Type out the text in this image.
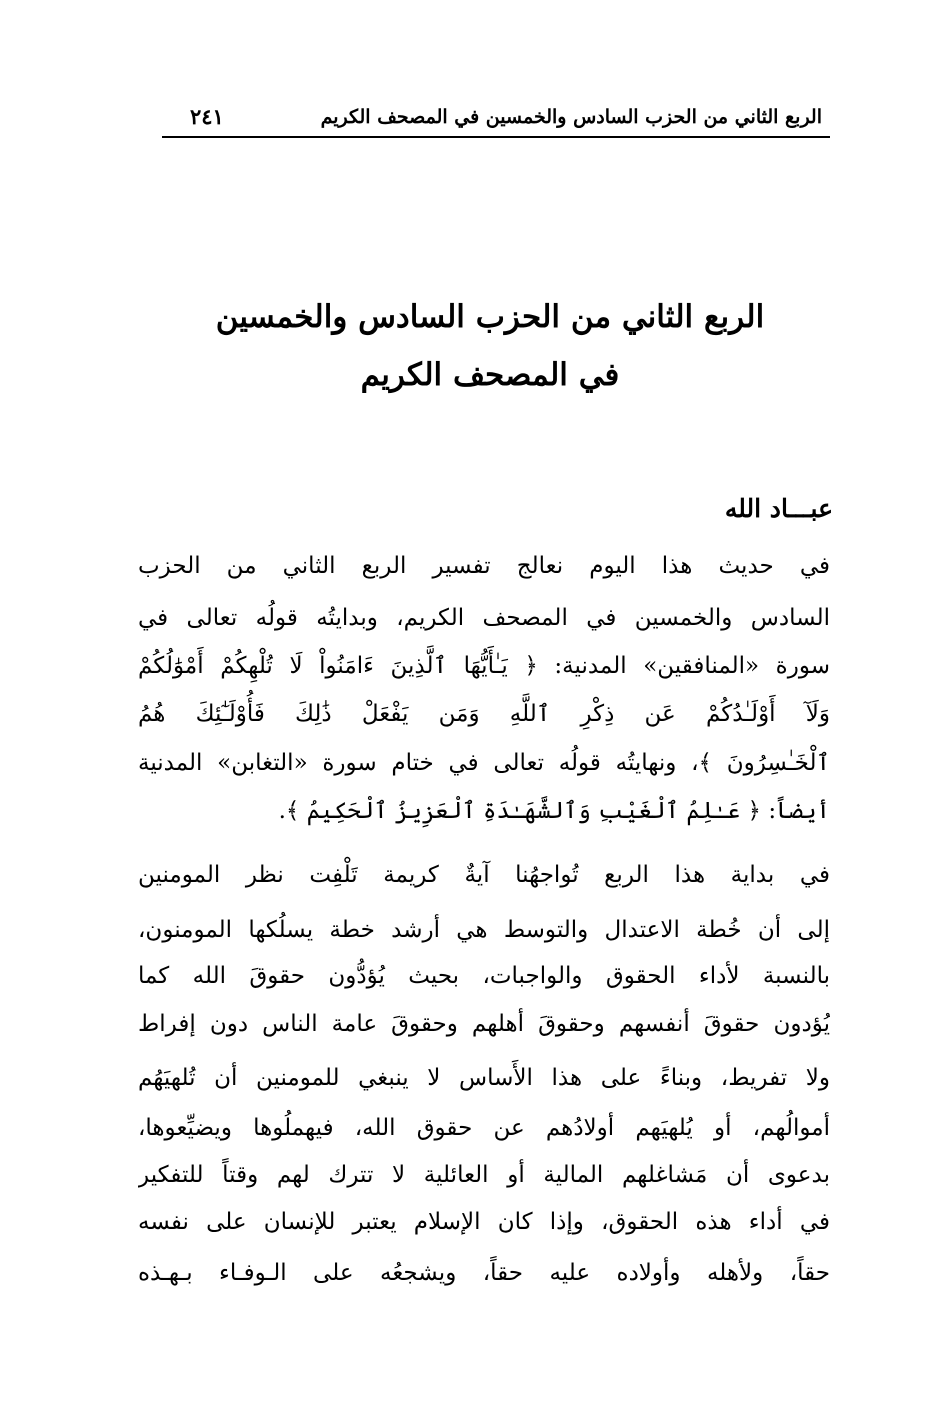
الربع الثاني من الحزب السادس والخمسين في المصحف الكريم
٢٤١
الربع الثاني من الحزب السادس والخمسين
في المصحف الكريم
عبـــاد الله
في حديث هذا اليوم نعالج تفسير الربع الثاني من الحزب
السادس والخمسين في المصحف الكريم، وبدايتُه قولُه تعالى في
سورة «المنافقين» المدنية: ﴿ يَـٰأَيُّهَا ٱلَّذِينَ ءَامَنُواْ لَا تُلْهِكُمْ أَمْوَٰلُكُمْ
وَلَآ أَوْلَـٰدُكُمْ عَن ذِكْرِ ٱللَّهِ وَمَن يَفْعَلْ ذَٰلِكَ فَأُوْلَـٰٓئِكَ هُمُ
ٱلْخَـٰسِرُونَ ﴾، ونهايتُه قولُه تعالى في ختام سورة «التغابن» المدنية
أيضاً: ﴿ عَـٰلِمُ ٱلْغَيْبِ وَٱلشَّهَـٰدَةِ ٱلْعَزِيزُ ٱلْحَكِيمُ ﴾.
في بداية هذا الربع تُواجهُنا آيةٌ كريمة تَلْفِت نظر المومنين
إلى أن خُطة الاعتدال والتوسط هي أرشد خطة يسلُكها المومنون،
بالنسبة لأداء الحقوق والواجبات، بحيث يُؤدُّون حقوقَ الله كما
يُؤدون حقوقَ أنفسهم وحقوقَ أهلهم وحقوقَ عامة الناس دون إفراط
ولا تفريط، وبناءً على هذا الأَساس لا ينبغي للمومنين أن تُلهيَهُم
أموالُهم، أو يُلهيَهم أولادُهم عن حقوق الله، فيهملُوها ويضيِّعوها،
بدعوى أن مَشاغلهم المالية أو العائلية لا تترك لهم وقتاً للتفكير
في أداء هذه الحقوق، وإذا كان الإسلام يعتبر للإنسان على نفسه
حقاً، ولأهله وأولاده عليه حقاً، ويشجعُه على الـوفـاء بـهـذه
